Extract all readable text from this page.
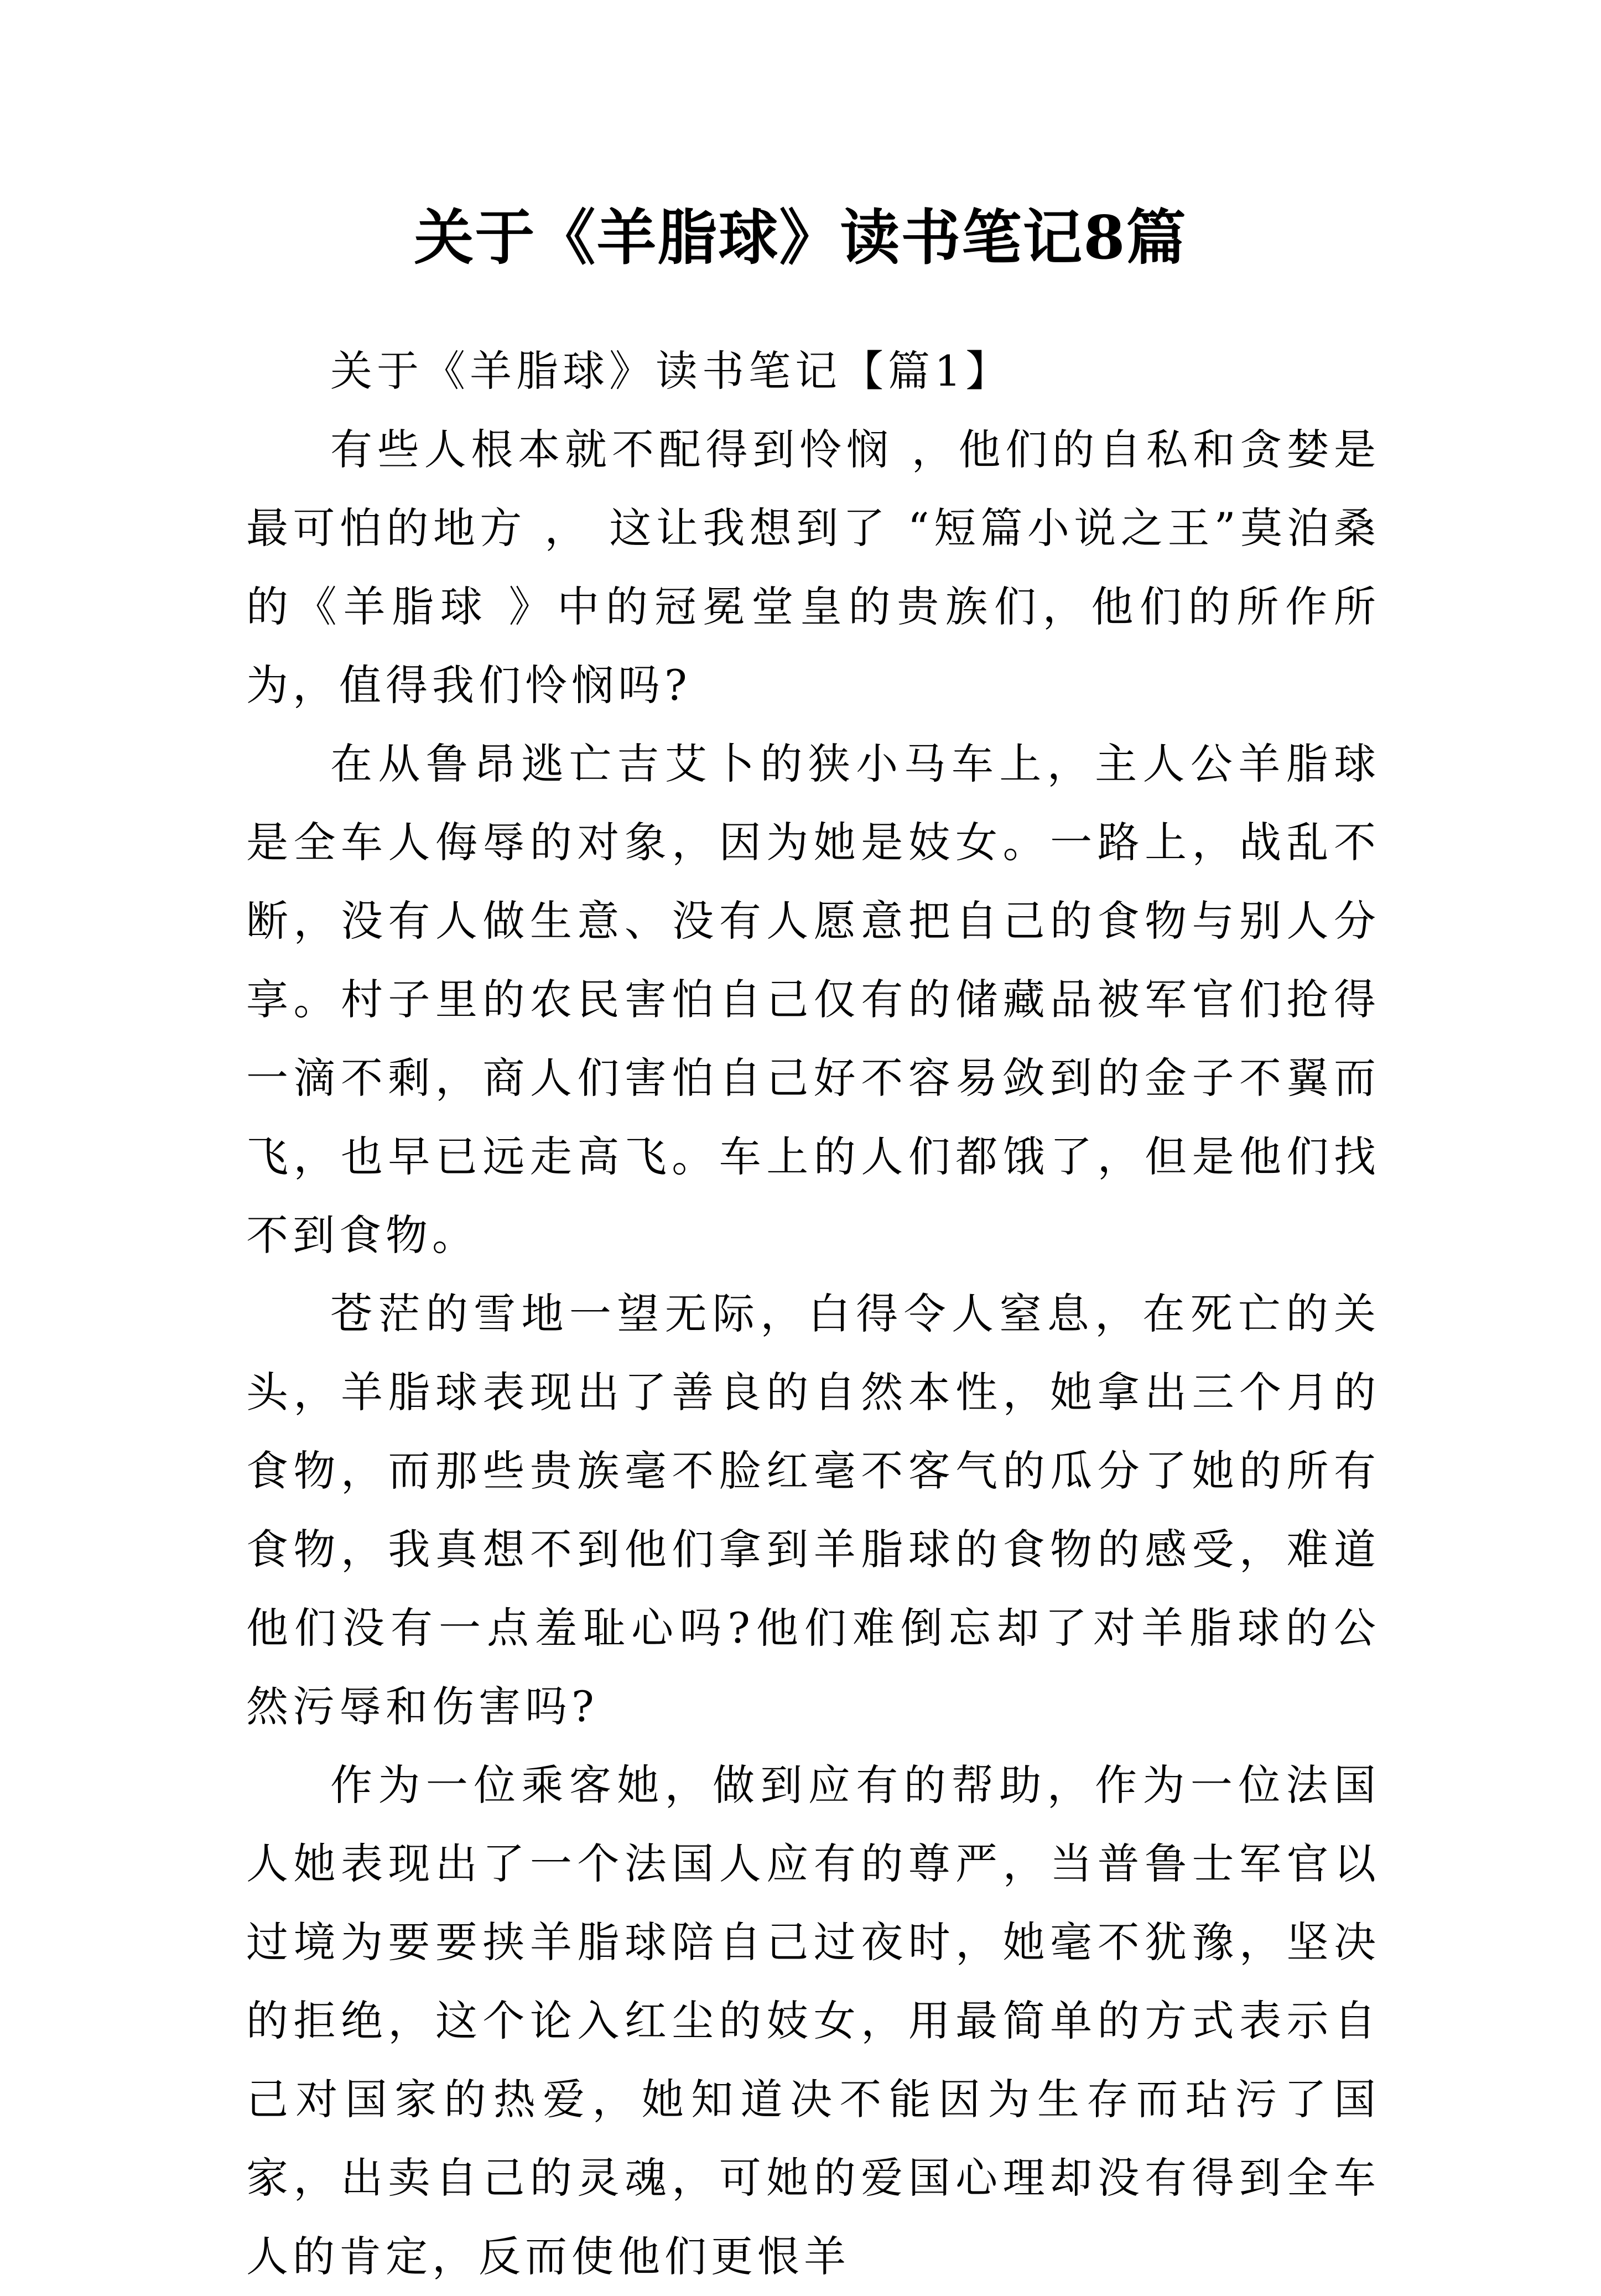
关于《羊脂球》读书笔记8篇

关于《羊脂球》读书笔记【篇1】

有些人根本就不配得到怜悯 ，他们的自私和贪婪是最可怕的地方 ， 这让我想到了 “短篇小说之王”莫泊桑的《羊脂球 》中的冠冕堂皇的贵族们，他们的所作所为，值得我们怜悯吗?

在从鲁昂逃亡吉艾卜的狭小马车上，主人公羊脂球是全车人侮辱的对象，因为她是妓女。一路上，战乱不断，没有人做生意、没有人愿意把自己的食物与别人分享。村子里的农民害怕自己仅有的储藏品被军官们抢得一滴不剩，商人们害怕自己好不容易敛到的金子不翼而飞，也早已远走高飞。车上的人们都饿了，但是他们找不到食物。

苍茫的雪地一望无际，白得令人窒息，在死亡的关头，羊脂球表现出了善良的自然本性，她拿出三个月的食物，而那些贵族毫不脸红毫不客气的瓜分了她的所有食物，我真想不到他们拿到羊脂球的食物的感受，难道他们没有一点羞耻心吗?他们难倒忘却了对羊脂球的公然污辱和伤害吗?

作为一位乘客她，做到应有的帮助，作为一位法国人她表现出了一个法国人应有的尊严，当普鲁士军官以过境为要要挟羊脂球陪自己过夜时，她毫不犹豫，坚决的拒绝，这个论入红尘的妓女，用最简单的方式表示自己对国家的热爱，她知道决不能因为生存而玷污了国家，出卖自己的灵魂，可她的爱国心理却没有得到全车人的肯定，反而使他们更恨羊
